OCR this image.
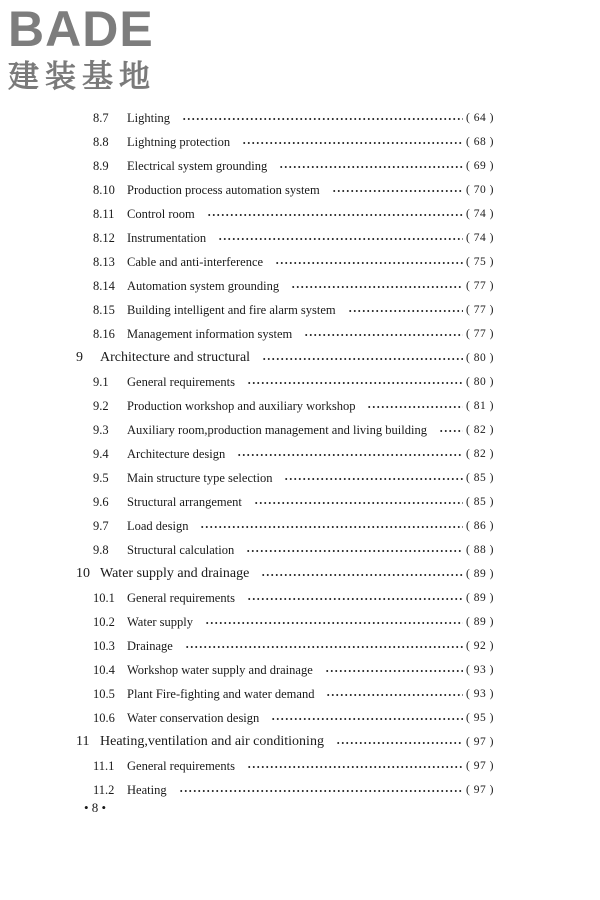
BADE
建装基地
8.7 Lighting	( 64 )
8.8 Lightning protection	( 68 )
8.9 Electrical system grounding	( 69 )
8.10 Production process automation system	( 70 )
8.11 Control room	( 74 )
8.12 Instrumentation	( 74 )
8.13 Cable and anti-interference	( 75 )
8.14 Automation system grounding	( 77 )
8.15 Building intelligent and fire alarm system	( 77 )
8.16 Management information system	( 77 )
9 Architecture and structural	( 80 )
9.1 General requirements	( 80 )
9.2 Production workshop and auxiliary workshop	( 81 )
9.3 Auxiliary room,production management and living building	( 82 )
9.4 Architecture design	( 82 )
9.5 Main structure type selection	( 85 )
9.6 Structural arrangement	( 85 )
9.7 Load design	( 86 )
9.8 Structural calculation	( 88 )
10 Water supply and drainage	( 89 )
10.1 General requirements	( 89 )
10.2 Water supply	( 89 )
10.3 Drainage	( 92 )
10.4 Workshop water supply and drainage	( 93 )
10.5 Plant Fire-fighting and water demand	( 93 )
10.6 Water conservation design	( 95 )
11 Heating,ventilation and air conditioning	( 97 )
11.1 General requirements	( 97 )
11.2 Heating	( 97 )
• 8 •
